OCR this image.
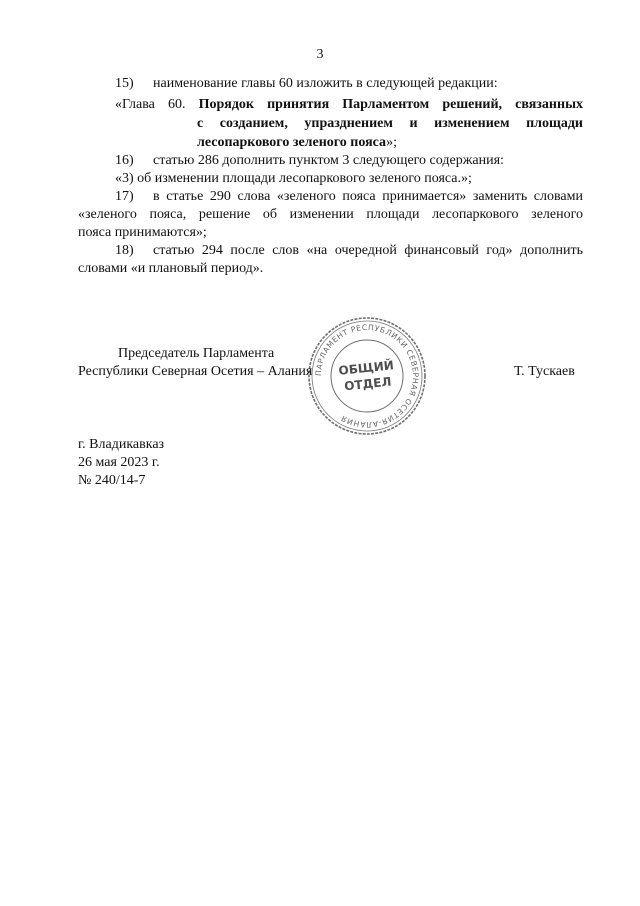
3
15) наименование главы 60 изложить в следующей редакции:
«Глава 60. Порядок принятия Парламентом решений, связанных
с созданием, упразднением и изменением площади
лесопаркового зеленого пояса»;
16) статью 286 дополнить пунктом 3 следующего содержания:
«3) об изменении площади лесопаркового зеленого пояса.»;
17) в статье 290 слова «зеленого пояса принимается» заменить словами
«зеленого пояса, решение об изменении площади лесопаркового зеленого
пояса принимаются»;
18) статью 294 после слов «на очередной финансовый год» дополнить
словами «и плановый период».
ПАРЛАМЕНТ РЕСПУБЛИКИ СЕВЕРНАЯ ОСЕТИЯ-АЛАНИЯ
ОБЩИЙ
ОТДЕЛ
Председатель Парламента
Республики Северная Осетия – Алания	Т. Тускаев
г. Владикавказ
26 мая 2023 г.
№ 240/14-7
